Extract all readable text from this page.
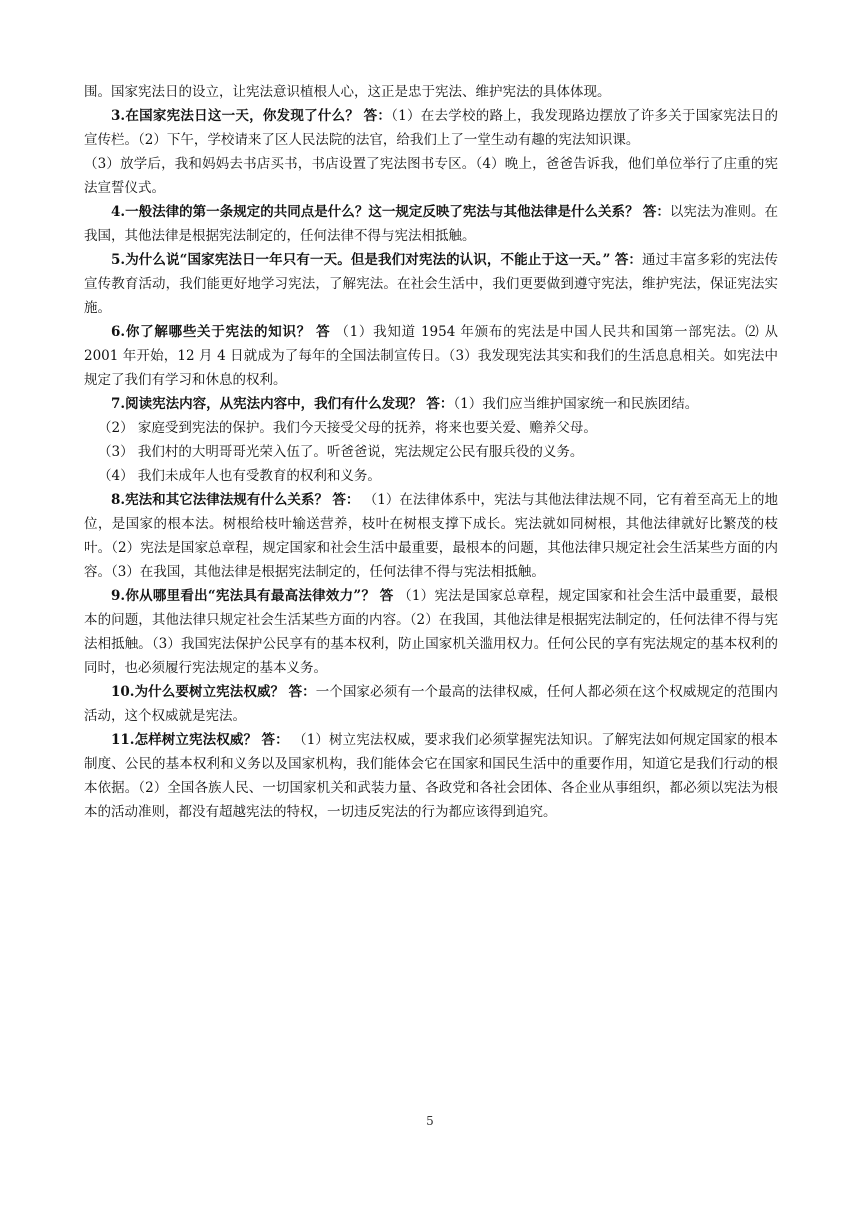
围。国家宪法日的设立，让宪法意识植根人心，这正是忠于宪法、维护宪法的具体体现。

3.在国家宪法日这一天，你发现了什么？ 答：（1）在去学校的路上，我发现路边摆放了许多关于国家宪法日的宣传栏。（2）下午，学校请来了区人民法院的法官，给我们上了一堂生动有趣的宪法知识课。

（3）放学后，我和妈妈去书店买书，书店设置了宪法图书专区。（4）晚上，爸爸告诉我，他们单位举行了庄重的宪法宣誓仪式。

4.一般法律的第一条规定的共同点是什么？这一规定反映了宪法与其他法律是什么关系？ 答：以宪法为准则。在我国，其他法律是根据宪法制定的，任何法律不得与宪法相抵触。

5.为什么说“国家宪法日一年只有一天。但是我们对宪法的认识，不能止于这一天。” 答：通过丰富多彩的宪法传宣传教育活动，我们能更好地学习宪法，了解宪法。在社会生活中，我们更要做到遵守宪法，维护宪法，保证宪法实施。

6.你了解哪些关于宪法的知识？ 答 （1）我知道 1954 年颁布的宪法是中国人民共和国第一部宪法。⑵ 从 2001 年开始，12 月 4 日就成为了每年的全国法制宣传日。（3）我发现宪法其实和我们的生活息息相关。如宪法中规定了我们有学习和休息的权利。

7.阅读宪法内容，从宪法内容中，我们有什么发现？ 答：（1）我们应当维护国家统一和民族团结。

（2） 家庭受到宪法的保护。我们今天接受父母的抚养，将来也要关爱、赡养父母。

（3） 我们村的大明哥哥光荣入伍了。听爸爸说，宪法规定公民有服兵役的义务。

（4） 我们未成年人也有受教育的权利和义务。

8.宪法和其它法律法规有什么关系？ 答： （1）在法律体系中，宪法与其他法律法规不同，它有着至高无上的地位，是国家的根本法。树根给枝叶输送营养，枝叶在树根支撑下成长。宪法就如同树根，其他法律就好比繁茂的枝叶。（2）宪法是国家总章程，规定国家和社会生活中最重要，最根本的问题，其他法律只规定社会生活某些方面的内容。（3）在我国，其他法律是根据宪法制定的，任何法律不得与宪法相抵触。

9.你从哪里看出“宪法具有最高法律效力”？ 答 （1）宪法是国家总章程，规定国家和社会生活中最重要，最根本的问题，其他法律只规定社会生活某些方面的内容。（2）在我国，其他法律是根据宪法制定的，任何法律不得与宪法相抵触。（3）我国宪法保护公民享有的基本权利，防止国家机关滥用权力。任何公民的享有宪法规定的基本权利的同时，也必须履行宪法规定的基本义务。

10.为什么要树立宪法权威？ 答：一个国家必须有一个最高的法律权威，任何人都必须在这个权威规定的范围内活动，这个权威就是宪法。

11.怎样树立宪法权威？ 答： （1）树立宪法权威，要求我们必须掌握宪法知识。了解宪法如何规定国家的根本制度、公民的基本权利和义务以及国家机构，我们能体会它在国家和国民生活中的重要作用，知道它是我们行动的根本依据。（2）全国各族人民、一切国家机关和武装力量、各政党和各社会团体、各企业从事组织，都必须以宪法为根本的活动准则，都没有超越宪法的特权，一切违反宪法的行为都应该得到追究。

5
